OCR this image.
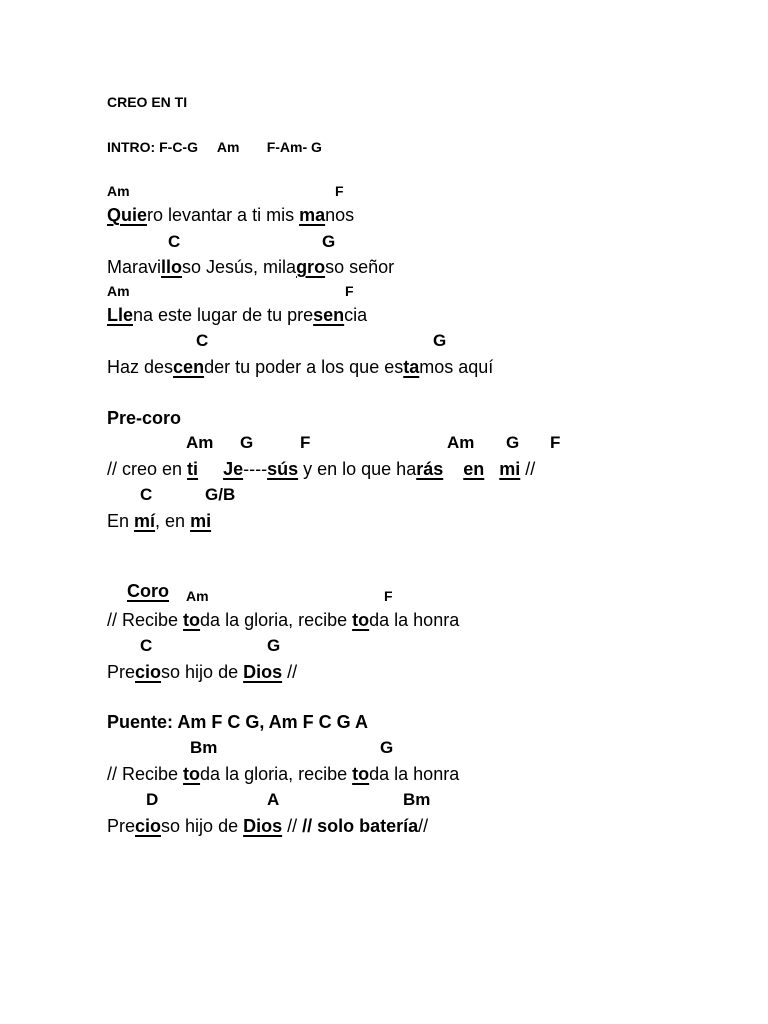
CREO EN TI
INTRO: F-C-G     Am       F-Am- G
Am	F
Quiero levantar a ti mis manos
C	G
Maravilloso Jesús, milagroso señor
Am	F
Llena este lugar de tu presencia
C	G
Haz descender tu poder a los que estamos aquí
Pre-coro
Am G	F	Am G F
// creo en ti Je----sús y en lo que harás en mi //
C	G/B
En mí, en mi

Coro
Am	F
// Recibe toda la gloria, recibe toda la honra
C	G
Precioso hijo de Dios //
Puente: Am F C G, Am F C G A
Bm	G
// Recibe toda la gloria, recibe toda la honra
D	A	Bm
Precioso hijo de Dios // // solo batería//
